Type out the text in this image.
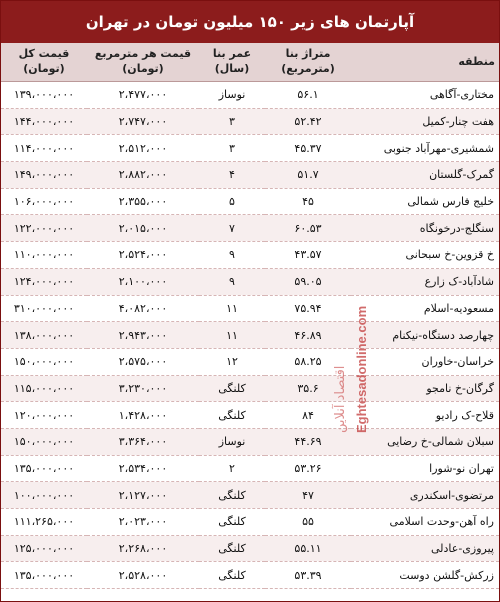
آپارتمان های زیر ۱۵۰ میلیون تومان در تهران
منطقه	متراژ بنا (مترمربع)	عمر بنا (سال)	قیمت هر مترمربع (تومان)	قیمت کل (تومان)
مختاری-آگاهی	۵۶.۱	نوساز	۲،۴۷۷،۰۰۰	۱۳۹،۰۰۰،۰۰۰
هفت چنار-کمیل	۵۲.۴۲	۳	۲،۷۴۷،۰۰۰	۱۴۴،۰۰۰،۰۰۰
شمشیری-مهرآباد جنوبی	۴۵.۳۷	۳	۲،۵۱۲،۰۰۰	۱۱۴،۰۰۰،۰۰۰
گمرک-گلستان	۵۱.۷	۴	۲،۸۸۲،۰۰۰	۱۴۹،۰۰۰،۰۰۰
خلیج فارس شمالی	۴۵	۵	۲،۳۵۵،۰۰۰	۱۰۶،۰۰۰،۰۰۰
سنگلج-درخونگاه	۶۰.۵۳	۷	۲،۰۱۵،۰۰۰	۱۲۲،۰۰۰،۰۰۰
خ قزوین-خ سبحانی	۴۳.۵۷	۹	۲،۵۲۴،۰۰۰	۱۱۰،۰۰۰،۰۰۰
شادآباد-ک زارع	۵۹.۰۵	۹	۲،۱۰۰،۰۰۰	۱۲۴،۰۰۰،۰۰۰
مسعودیه-اسلام	۷۵.۹۴	۱۱	۴،۰۸۲،۰۰۰	۳۱۰،۰۰۰،۰۰۰
چهارصد دستگاه-نیکنام	۴۶.۸۹	۱۱	۲،۹۴۳،۰۰۰	۱۳۸،۰۰۰،۰۰۰
خراسان-خاوران	۵۸.۲۵	۱۲	۲،۵۷۵،۰۰۰	۱۵۰،۰۰۰،۰۰۰
گرگان-خ نامجو	۳۵.۶	کلنگی	۳،۲۳۰،۰۰۰	۱۱۵،۰۰۰،۰۰۰
قلاح-ک رادیو	۸۴	کلنگی	۱،۴۲۸،۰۰۰	۱۲۰،۰۰۰،۰۰۰
سبلان شمالی-خ رضایی	۴۴.۶۹	نوساز	۳،۳۶۴،۰۰۰	۱۵۰،۰۰۰،۰۰۰
تهران نو-شورا	۵۳.۲۶	۲	۲،۵۳۴،۰۰۰	۱۳۵،۰۰۰،۰۰۰
مرتضوی-اسکندری	۴۷	کلنگی	۲،۱۲۷،۰۰۰	۱۰۰،۰۰۰،۰۰۰
راه آهن-وحدت اسلامی	۵۵	کلنگی	۲،۰۲۳،۰۰۰	۱۱۱،۲۶۵،۰۰۰
پیروزی-عادلی	۵۵.۱۱	کلنگی	۲،۲۶۸،۰۰۰	۱۲۵،۰۰۰،۰۰۰
زرکش-گلشن دوست	۵۳.۳۹	کلنگی	۲،۵۲۸،۰۰۰	۱۳۵،۰۰۰،۰۰۰
Eghtesadonline.com
اقتصاد آنلاین
